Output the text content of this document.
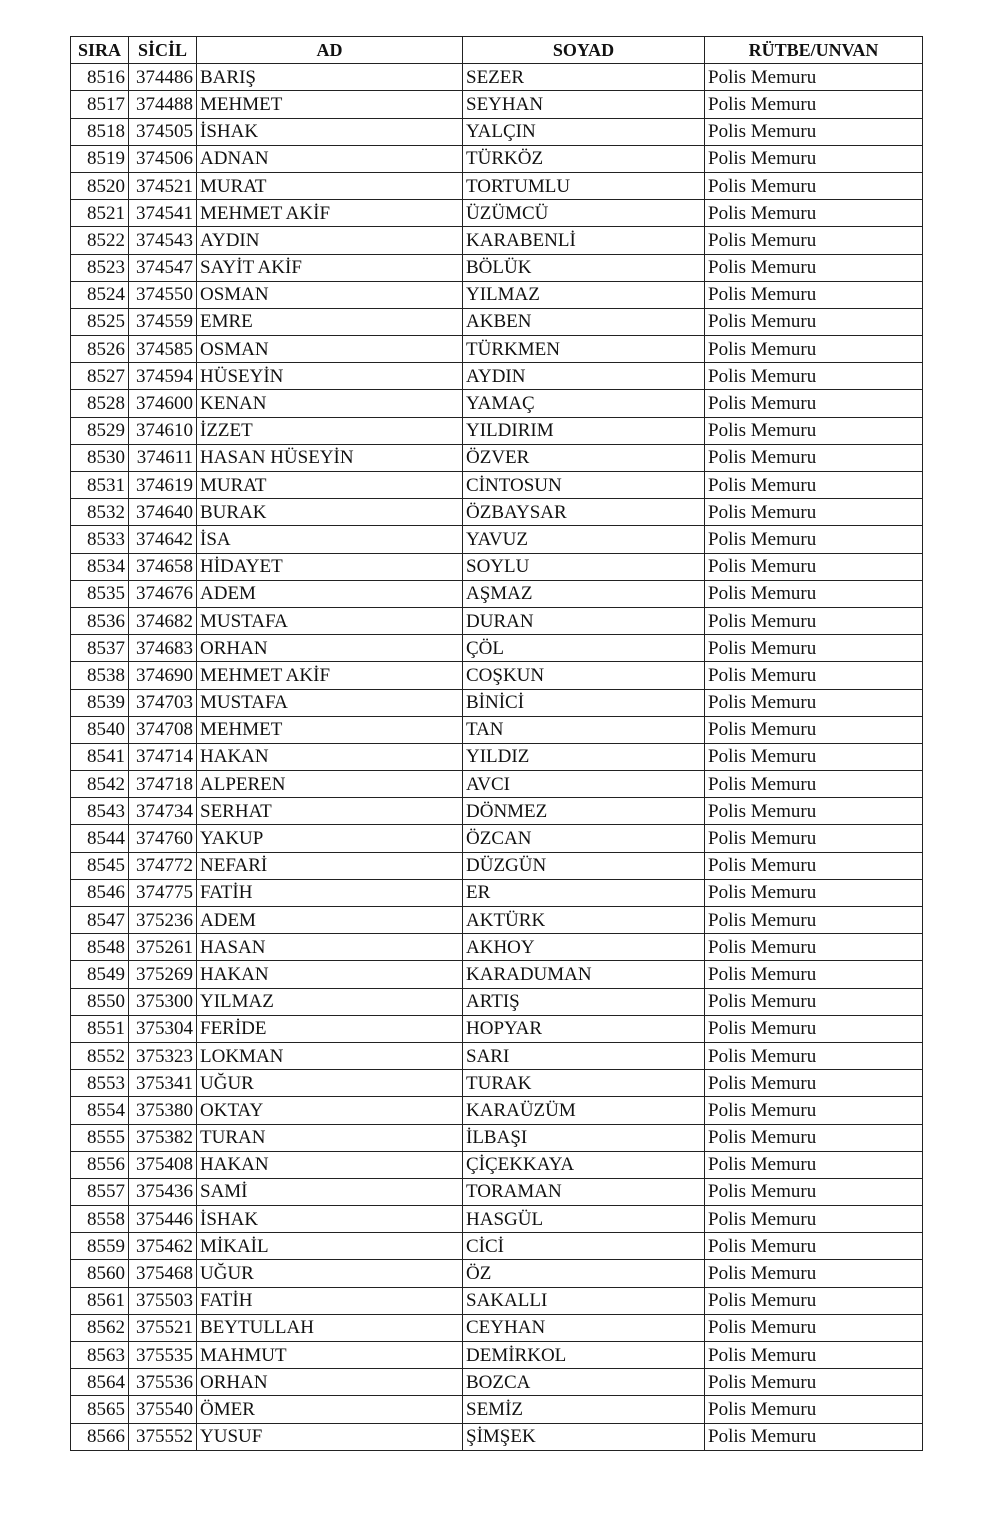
SIRA	SİCİL	AD	SOYAD	RÜTBE/UNVAN
8516	374486	BARIŞ	SEZER	Polis Memuru
8517	374488	MEHMET	SEYHAN	Polis Memuru
8518	374505	İSHAK	YALÇIN	Polis Memuru
8519	374506	ADNAN	TÜRKÖZ	Polis Memuru
8520	374521	MURAT	TORTUMLU	Polis Memuru
8521	374541	MEHMET AKİF	ÜZÜMCÜ	Polis Memuru
8522	374543	AYDIN	KARABENLİ	Polis Memuru
8523	374547	SAYİT AKİF	BÖLÜK	Polis Memuru
8524	374550	OSMAN	YILMAZ	Polis Memuru
8525	374559	EMRE	AKBEN	Polis Memuru
8526	374585	OSMAN	TÜRKMEN	Polis Memuru
8527	374594	HÜSEYİN	AYDIN	Polis Memuru
8528	374600	KENAN	YAMAÇ	Polis Memuru
8529	374610	İZZET	YILDIRIM	Polis Memuru
8530	374611	HASAN HÜSEYİN	ÖZVER	Polis Memuru
8531	374619	MURAT	CİNTOSUN	Polis Memuru
8532	374640	BURAK	ÖZBAYSAR	Polis Memuru
8533	374642	İSA	YAVUZ	Polis Memuru
8534	374658	HİDAYET	SOYLU	Polis Memuru
8535	374676	ADEM	AŞMAZ	Polis Memuru
8536	374682	MUSTAFA	DURAN	Polis Memuru
8537	374683	ORHAN	ÇÖL	Polis Memuru
8538	374690	MEHMET AKİF	COŞKUN	Polis Memuru
8539	374703	MUSTAFA	BİNİCİ	Polis Memuru
8540	374708	MEHMET	TAN	Polis Memuru
8541	374714	HAKAN	YILDIZ	Polis Memuru
8542	374718	ALPEREN	AVCI	Polis Memuru
8543	374734	SERHAT	DÖNMEZ	Polis Memuru
8544	374760	YAKUP	ÖZCAN	Polis Memuru
8545	374772	NEFARİ	DÜZGÜN	Polis Memuru
8546	374775	FATİH	ER	Polis Memuru
8547	375236	ADEM	AKTÜRK	Polis Memuru
8548	375261	HASAN	AKHOY	Polis Memuru
8549	375269	HAKAN	KARADUMAN	Polis Memuru
8550	375300	YILMAZ	ARTIŞ	Polis Memuru
8551	375304	FERİDE	HOPYAR	Polis Memuru
8552	375323	LOKMAN	SARI	Polis Memuru
8553	375341	UĞUR	TURAK	Polis Memuru
8554	375380	OKTAY	KARAÜZÜM	Polis Memuru
8555	375382	TURAN	İLBAŞI	Polis Memuru
8556	375408	HAKAN	ÇİÇEKKAYA	Polis Memuru
8557	375436	SAMİ	TORAMAN	Polis Memuru
8558	375446	İSHAK	HASGÜL	Polis Memuru
8559	375462	MİKAİL	CİCİ	Polis Memuru
8560	375468	UĞUR	ÖZ	Polis Memuru
8561	375503	FATİH	SAKALLI	Polis Memuru
8562	375521	BEYTULLAH	CEYHAN	Polis Memuru
8563	375535	MAHMUT	DEMİRKOL	Polis Memuru
8564	375536	ORHAN	BOZCA	Polis Memuru
8565	375540	ÖMER	SEMİZ	Polis Memuru
8566	375552	YUSUF	ŞİMŞEK	Polis Memuru
